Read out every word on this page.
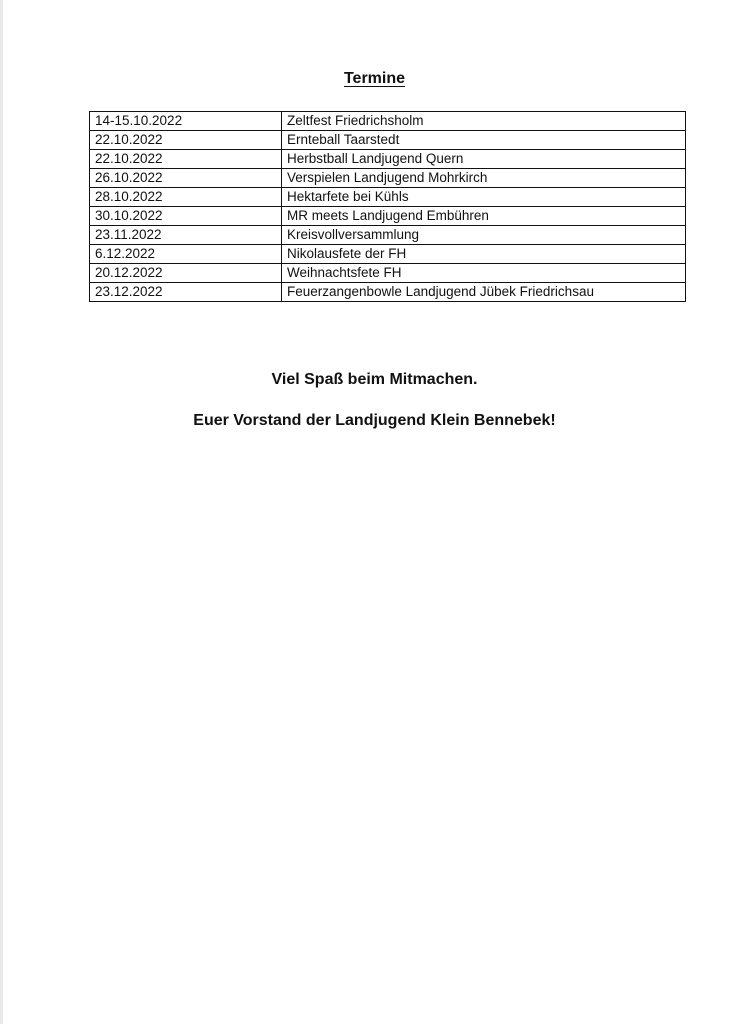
Termine
14-15.10.2022	Zeltfest Friedrichsholm
22.10.2022	Ernteball Taarstedt
22.10.2022	Herbstball Landjugend Quern
26.10.2022	Verspielen Landjugend Mohrkirch
28.10.2022	Hektarfete bei Kühls
30.10.2022	MR meets Landjugend Embühren
23.11.2022	Kreisvollversammlung
6.12.2022	Nikolausfete der FH
20.12.2022	Weihnachtsfete FH
23.12.2022	Feuerzangenbowle Landjugend Jübek Friedrichsau
Viel Spaß beim Mitmachen.
Euer Vorstand der Landjugend Klein Bennebek!
